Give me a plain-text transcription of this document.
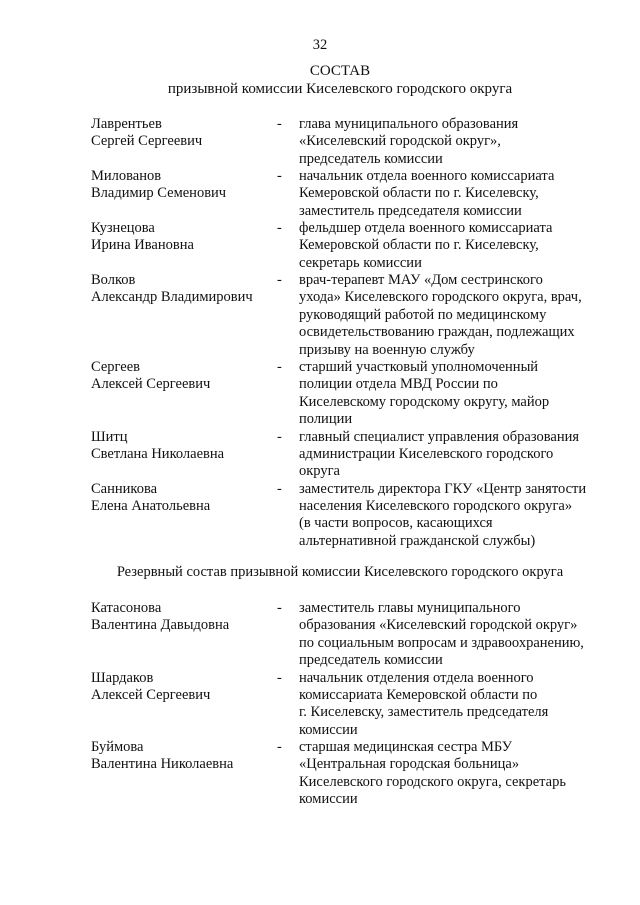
32
СОСТАВ
призывной комиссии Киселевского городского округа
Лаврентьев
Сергей Сергеевич
-	глава муниципального образования
«Киселевский городской округ»,
председатель комиссии
Милованов
Владимир Семенович
-	начальник отдела военного комиссариата
Кемеровской области по г. Киселевску,
заместитель председателя комиссии
Кузнецова
Ирина Ивановна
-	фельдшер отдела военного комиссариата
Кемеровской области по г. Киселевску,
секретарь комиссии
Волков
Александр Владимирович
-	врач-терапевт МАУ «Дом сестринского
ухода» Киселевского городского округа, врач,
руководящий работой по медицинскому
освидетельствованию граждан, подлежащих
призыву на военную службу
Сергеев
Алексей Сергеевич
-	старший участковый уполномоченный
полиции отдела МВД России по
Киселевскому городскому округу, майор
полиции
Шитц
Светлана Николаевна
-	главный специалист управления образования
администрации Киселевского городского
округа
Санникова
Елена Анатольевна
-	заместитель директора ГКУ «Центр занятости
населения Киселевского городского округа»
(в части вопросов, касающихся
альтернативной гражданской службы)
Резервный состав призывной комиссии Киселевского городского округа
Катасонова
Валентина Давыдовна
-	заместитель главы муниципального
образования «Киселевский городской округ»
по социальным вопросам и здравоохранению,
председатель комиссии
Шардаков
Алексей Сергеевич
-	начальник отделения отдела военного
комиссариата Кемеровской области по
г. Киселевску, заместитель председателя
комиссии
Буймова
Валентина Николаевна
-	старшая медицинская сестра МБУ
«Центральная городская больница»
Киселевского городского округа, секретарь
комиссии
